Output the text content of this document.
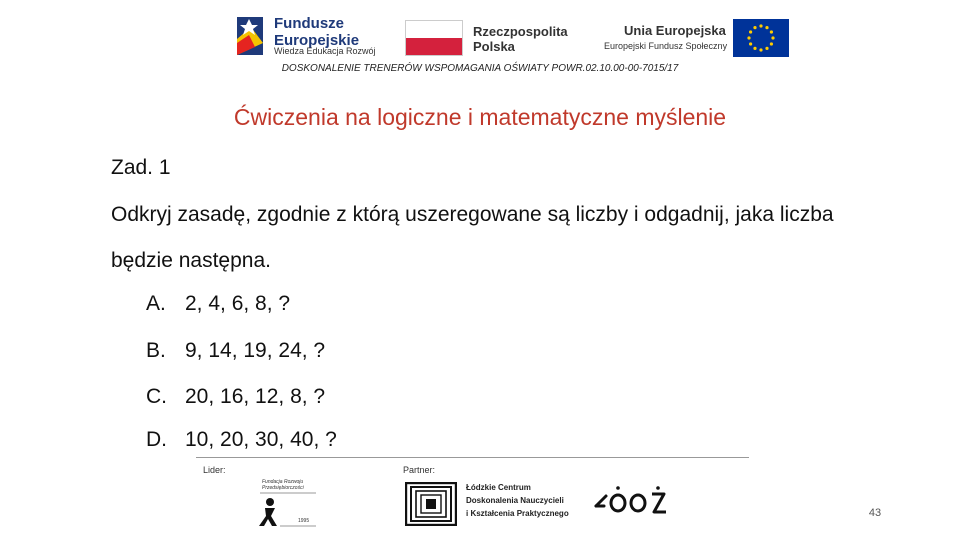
Fundusze
Europejskie
Wiedza Edukacja Rozwój
Rzeczpospolita
Polska
Unia Europejska
Europejski Fundusz Społeczny
DOSKONALENIE TRENERÓW WSPOMAGANIA OŚWIATY POWR.02.10.00-00-7015/17
Ćwiczenia na logiczne i matematyczne myślenie
Zad. 1
Odkryj zasadę, zgodnie z którą uszeregowane są liczby i odgadnij, jaka liczba
będzie następna.
A. 2, 4, 6, 8, ?
B. 9, 14, 19, 24, ?
C. 20, 16, 12, 8, ?
D. 10, 20, 30, 40, ?
Lider:	Partner:
Fundacja Rozwoju
Przedsiębiorczości
1995
Łódzkie Centrum
Doskonalenia Nauczycieli
i Kształcenia Praktycznego	43
